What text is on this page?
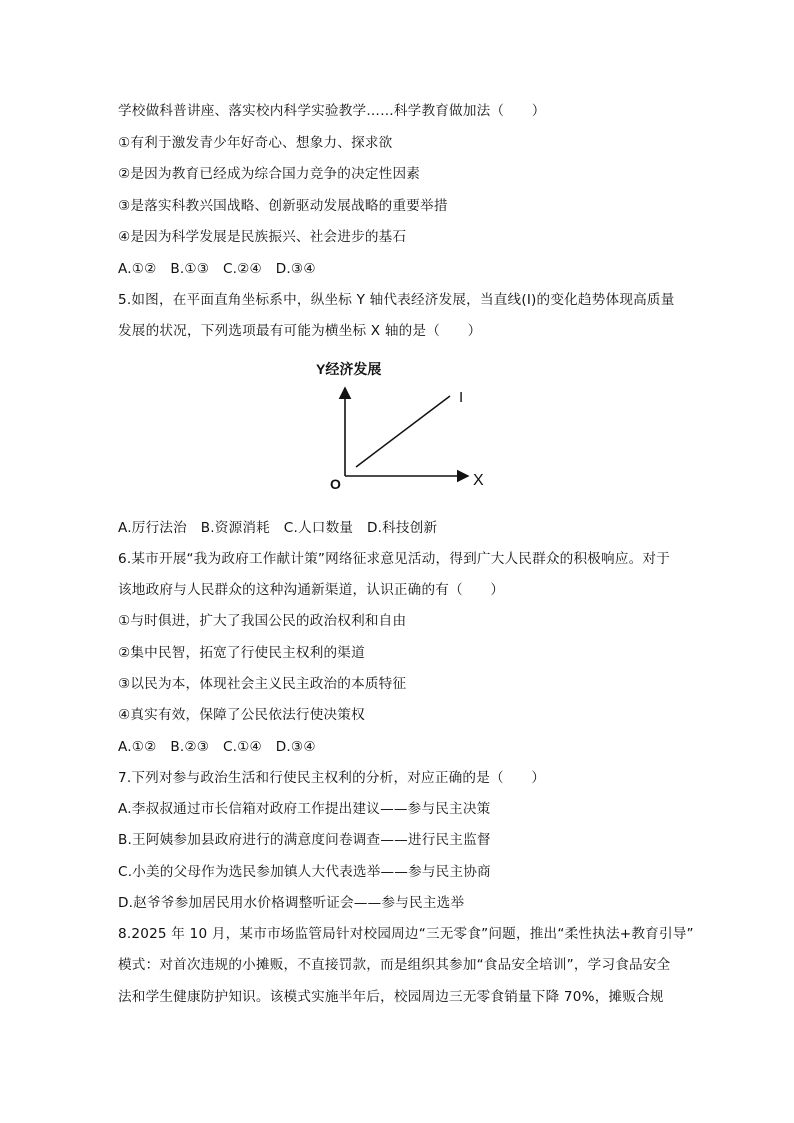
学校做科普讲座、落实校内科学实验教学……科学教育做加法（　　）

①有利于激发青少年好奇心、想象力、探求欲

②是因为教育已经成为综合国力竞争的决定性因素

③是落实科教兴国战略、创新驱动发展战略的重要举措

④是因为科学发展是民族振兴、社会进步的基石

A.①②　B.①③　C.②④　D.③④

5.如图，在平面直角坐标系中，纵坐标 Y 轴代表经济发展，当直线(I)的变化趋势体现高质量

发展的状况，下列选项最有可能为横坐标 X 轴的是（　　）

Y经济发展
X
O
I

A.厉行法治　B.资源消耗　C.人口数量　D.科技创新

6.某市开展“我为政府工作献计策”网络征求意见活动，得到广大人民群众的积极响应。对于

该地政府与人民群众的这种沟通新渠道，认识正确的有（　　）

①与时俱进，扩大了我国公民的政治权利和自由

②集中民智，拓宽了行使民主权利的渠道

③以民为本，体现社会主义民主政治的本质特征

④真实有效，保障了公民依法行使决策权

A.①②　B.②③　C.①④　D.③④

7.下列对参与政治生活和行使民主权利的分析，对应正确的是（　　）

A.李叔叔通过市长信箱对政府工作提出建议——参与民主决策

B.王阿姨参加县政府进行的满意度问卷调查——进行民主监督

C.小美的父母作为选民参加镇人大代表选举——参与民主协商

D.赵爷爷参加居民用水价格调整听证会——参与民主选举

8.2025 年 10 月，某市市场监管局针对校园周边“三无零食”问题，推出“柔性执法+教育引导”

模式：对首次违规的小摊贩，不直接罚款，而是组织其参加“食品安全培训”，学习食品安全

法和学生健康防护知识。该模式实施半年后，校园周边三无零食销量下降 70%，摊贩合规
